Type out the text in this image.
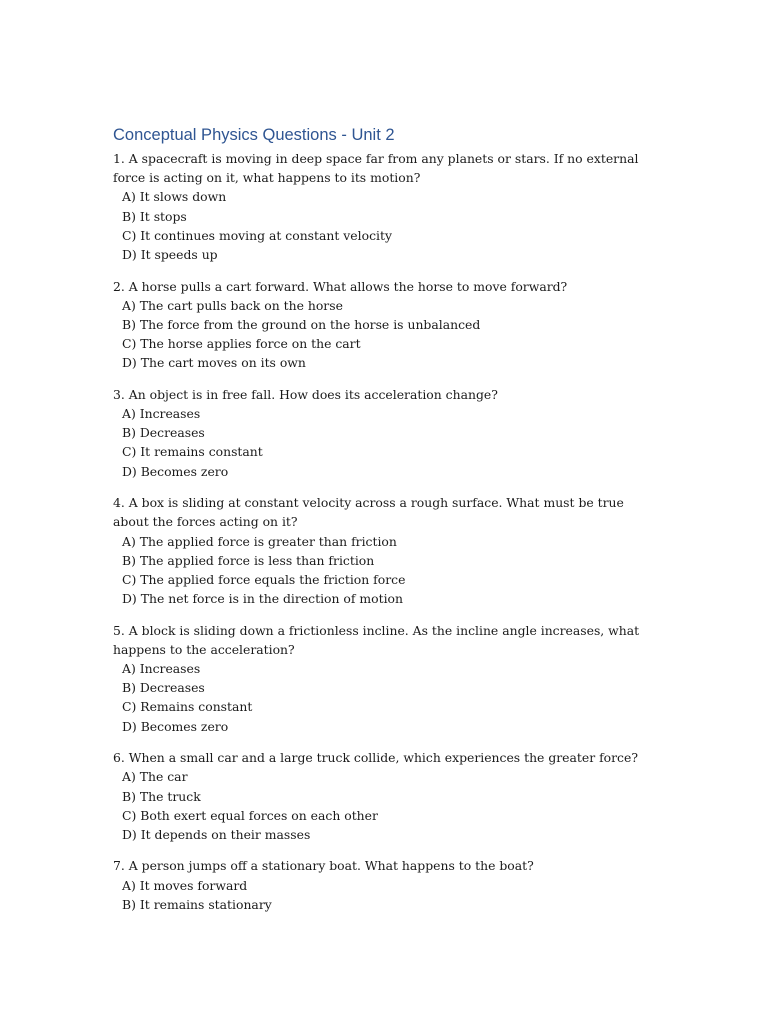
Conceptual Physics Questions - Unit 2

1. A spacecraft is moving in deep space far from any planets or stars. If no external force is acting on it, what happens to its motion?

A) It slows down
B) It stops
C) It continues moving at constant velocity
D) It speeds up

2. A horse pulls a cart forward. What allows the horse to move forward?

A) The cart pulls back on the horse
B) The force from the ground on the horse is unbalanced
C) The horse applies force on the cart
D) The cart moves on its own

3. An object is in free fall. How does its acceleration change?

A) Increases
B) Decreases
C) It remains constant
D) Becomes zero

4. A box is sliding at constant velocity across a rough surface. What must be true about the forces acting on it?

A) The applied force is greater than friction
B) The applied force is less than friction
C) The applied force equals the friction force
D) The net force is in the direction of motion

5. A block is sliding down a frictionless incline. As the incline angle increases, what happens to the acceleration?

A) Increases
B) Decreases
C) Remains constant
D) Becomes zero

6. When a small car and a large truck collide, which experiences the greater force?

A) The car
B) The truck
C) Both exert equal forces on each other
D) It depends on their masses

7. A person jumps off a stationary boat. What happens to the boat?

A) It moves forward
B) It remains stationary
